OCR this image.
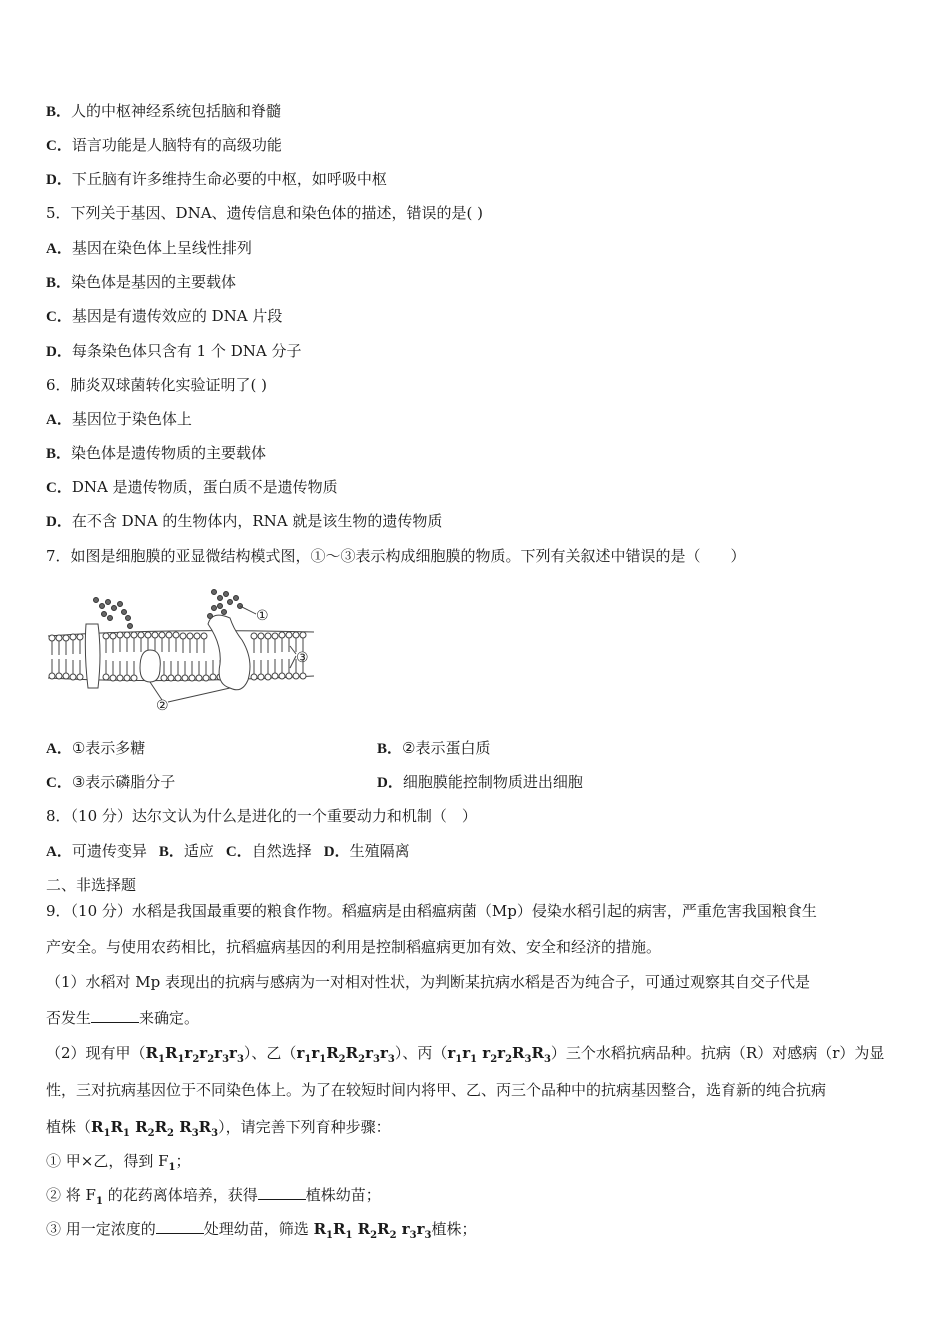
B．人的中枢神经系统包括脑和脊髓
C．语言功能是人脑特有的高级功能
D．下丘脑有许多维持生命必要的中枢，如呼吸中枢
5．下列关于基因、DNA、遗传信息和染色体的描述，错误的是( )
A．基因在染色体上呈线性排列
B．染色体是基因的主要载体
C．基因是有遗传效应的 DNA 片段
D．每条染色体只含有 1 个 DNA 分子
6．肺炎双球菌转化实验证明了( )
A．基因位于染色体上
B．染色体是遗传物质的主要载体
C．DNA 是遗传物质，蛋白质不是遗传物质
D．在不含 DNA 的生物体内，RNA 就是该生物的遗传物质
7．如图是细胞膜的亚显微结构模式图，①～③表示构成细胞膜的物质。下列有关叙述中错误的是（　　）
①
②
③
A．①表示多糖	B．②表示蛋白质
C．③表示磷脂分子	D．细胞膜能控制物质进出细胞
8．（10 分）达尔文认为什么是进化的一个重要动力和机制（　）
A．可遗传变异 B．适应 C．自然选择 D．生殖隔离
二、非选择题
9．（10 分）水稻是我国最重要的粮食作物。稻瘟病是由稻瘟病菌（Mp）侵染水稻引起的病害，严重危害我国粮食生
产安全。与使用农药相比，抗稻瘟病基因的利用是控制稻瘟病更加有效、安全和经济的措施。
（1）水稻对 Mp 表现出的抗病与感病为一对相对性状，为判断某抗病水稻是否为纯合子，可通过观察其自交子代是
否发生	来确定。
（2）现有甲$(R_1R_1r_2r_2r_3r_3)$、乙$(r_1r_1R_2R_2r_3r_3)$、丙（$r_1r_1$ $r_2r_2R_3R_3$）三个水稻抗病品种。抗病（R）对感病（r）为显
性，三对抗病基因位于不同染色体上。为了在较短时间内将甲、乙、丙三个品种中的抗病基因整合，选育新的纯合抗病
植株（$R_1R_1$ $R_2R_2$ $R_3R_3$），请完善下列育种步骤：
① 甲×乙，得到 $F_1$；
② 将 $F_1$ 的花药离体培养，获得	植株幼苗；
③ 用一定浓度的	处理幼苗，筛选 $R_1R_1$ $R_2R_2$ $r_3r_3$植株；
